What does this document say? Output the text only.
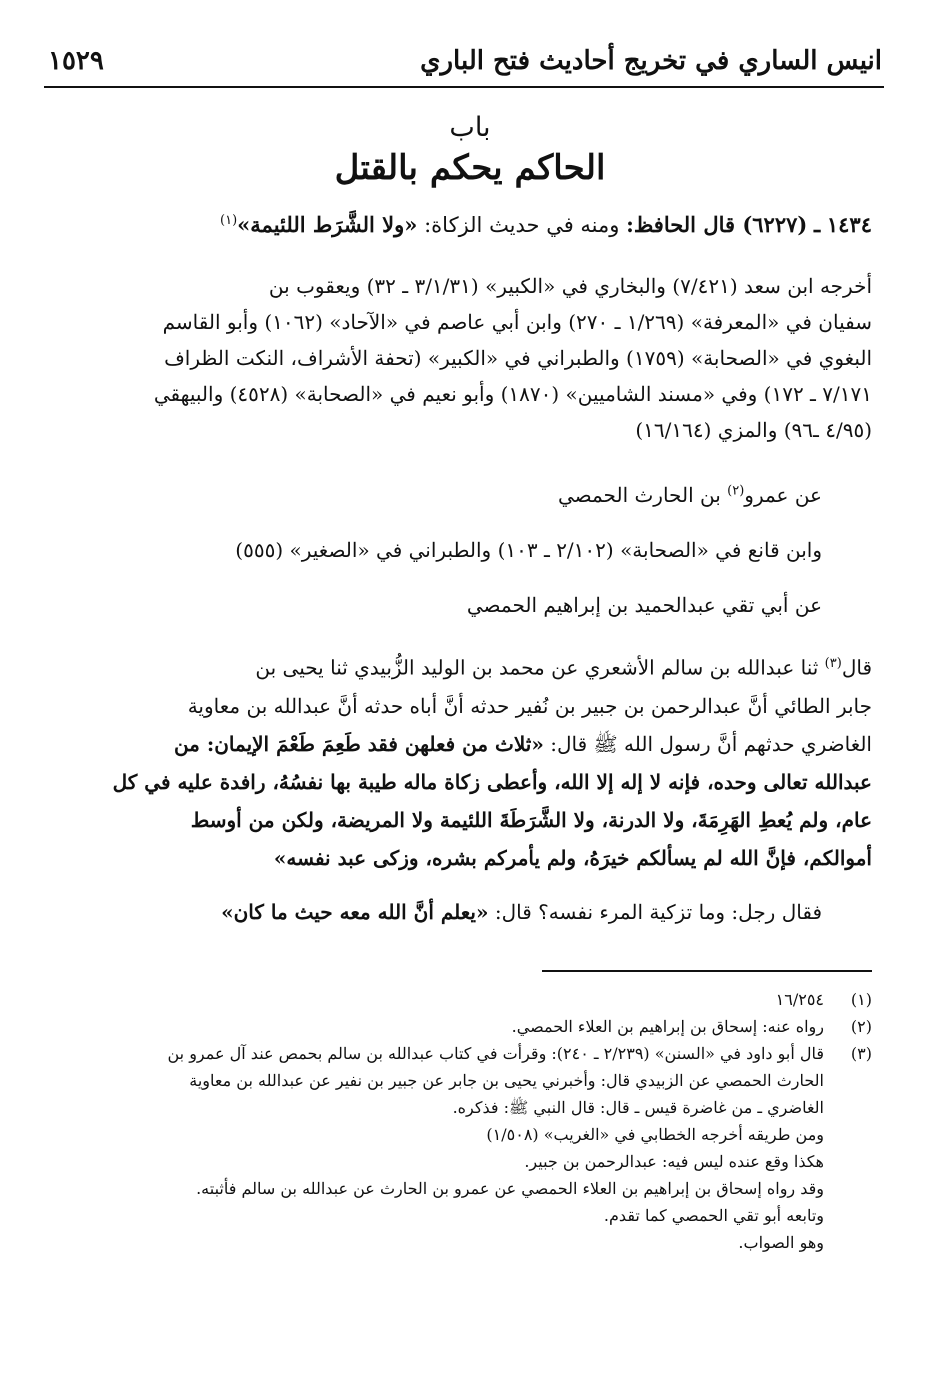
انيس الساري في تخريج أحاديث فتح الباري
١٥٢٩
باب
الحاكم يحكم بالقتل
١٤٣٤ ـ (٦٢٢٧) قال الحافظ: ومنه في حديث الزكاة: «ولا الشَّرَط اللئيمة»$^{(١)}$
أخرجه ابن سعد (٧/٤٢١) والبخاري في «الكبير» (٣/١/٣١ ـ ٣٢) ويعقوب بن
سفيان في «المعرفة» (١/٢٦٩ ـ ٢٧٠) وابن أبي عاصم في «الآحاد» (١٠٦٢) وأبو القاسم
البغوي في «الصحابة» (١٧٥٩) والطبراني في «الكبير» (تحفة الأشراف، النكت الظراف
٧/١٧١ ـ ١٧٢) وفي «مسند الشاميين» (١٨٧٠) وأبو نعيم في «الصحابة» (٤٥٢٨) والبيهقي
(٤/٩٥ ـ٩٦) والمزي (١٦/١٦٤)
عن عمرو$^{(٢)}$ بن الحارث الحمصي
وابن قانع في «الصحابة» (٢/١٠٢ ـ ١٠٣) والطبراني في «الصغير» (٥٥٥)
عن أبي تقي عبدالحميد بن إبراهيم الحمصي
قال$^{(٣)}$ ثنا عبدالله بن سالم الأشعري عن محمد بن الوليد الزُّبيدي ثنا يحيى بن
جابر الطائي أنَّ عبدالرحمن بن جبير بن نُفير حدثه أنَّ أباه حدثه أنَّ عبدالله بن معاوية
الغاضري حدثهم أنَّ رسول الله ﷺ قال: «ثلاث من فعلهن فقد طَعِمَ طَعْمَ الإيمان: من
عبدالله تعالى وحده، فإنه لا إله إلا الله، وأعطى زكاة ماله طيبة بها نفسُهُ، رافدة عليه في كل
عام، ولم يُعطِ الهَرِمَةَ، ولا الدرنة، ولا الشَّرَطَةَ اللئيمة ولا المريضة، ولكن من أوسط
أموالكم، فإنَّ الله لم يسألكم خيرَهُ، ولم يأمركم بشره، وزكى عبد نفسه»
فقال رجل: وما تزكية المرء نفسه؟ قال: «يعلم أنَّ الله معه حيث ما كان»
(١)
١٦/٢٥٤
(٢)
رواه عنه: إسحاق بن إبراهيم بن العلاء الحمصي.
(٣)
قال أبو داود في «السنن» (٢/٢٣٩ ـ ٢٤٠): وقرأت في كتاب عبدالله بن سالم بحمص عند آل عمرو بن
الحارث الحمصي عن الزبيدي قال: وأخبرني يحيى بن جابر عن جبير بن نفير عن عبدالله بن معاوية
الغاضري ـ من غاضرة قيس ـ قال: قال النبي ﷺ: فذكره.
ومن طريقه أخرجه الخطابي في «الغريب» (١/٥٠٨)
هكذا وقع عنده ليس فيه: عبدالرحمن بن جبير.
وقد رواه إسحاق بن إبراهيم بن العلاء الحمصي عن عمرو بن الحارث عن عبدالله بن سالم فأثبته.
وتابعه أبو تقي الحمصي كما تقدم.
وهو الصواب.
